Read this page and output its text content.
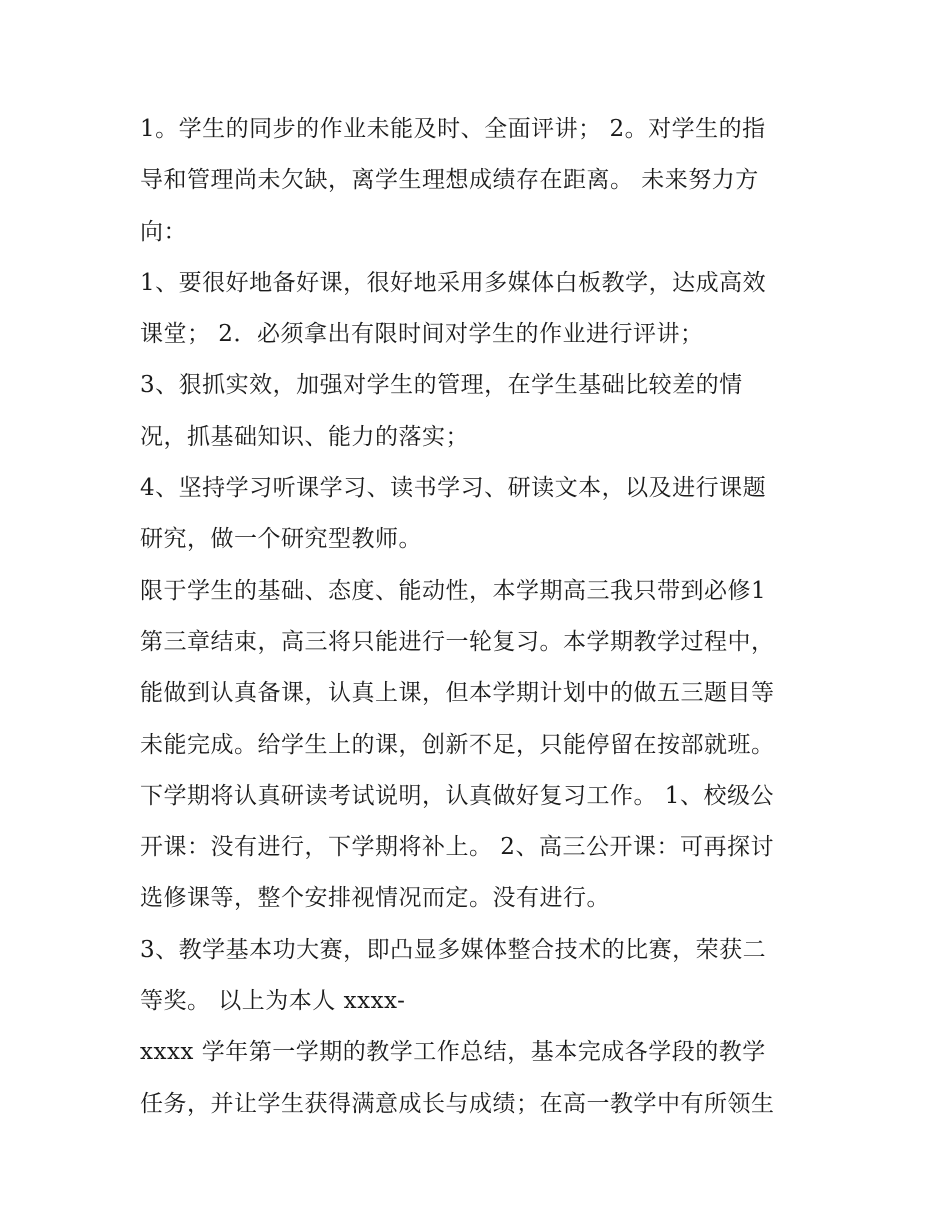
1。学生的同步的作业未能及时、全面评讲； 2。对学生的指
导和管理尚未欠缺，离学生理想成绩存在距离。 未来努力方
向：
1、要很好地备好课，很好地采用多媒体白板教学，达成高效
课堂； 2．必须拿出有限时间对学生的作业进行评讲；
3、狠抓实效，加强对学生的管理，在学生基础比较差的情
况，抓基础知识、能力的落实；
4、坚持学习听课学习、读书学习、研读文本，以及进行课题
研究，做一个研究型教师。
限于学生的基础、态度、能动性，本学期高三我只带到必修1
第三章结束，高三将只能进行一轮复习。本学期教学过程中，
能做到认真备课，认真上课，但本学期计划中的做五三题目等
未能完成。给学生上的课，创新不足，只能停留在按部就班。
下学期将认真研读考试说明，认真做好复习工作。 1、校级公
开课：没有进行，下学期将补上。 2、高三公开课：可再探讨
选修课等，整个安排视情况而定。没有进行。
3、教学基本功大赛，即凸显多媒体整合技术的比赛，荣获二
等奖。 以上为本人 xxxx-
xxxx 学年第一学期的教学工作总结，基本完成各学段的教学
任务，并让学生获得满意成长与成绩；在高一教学中有所领生
